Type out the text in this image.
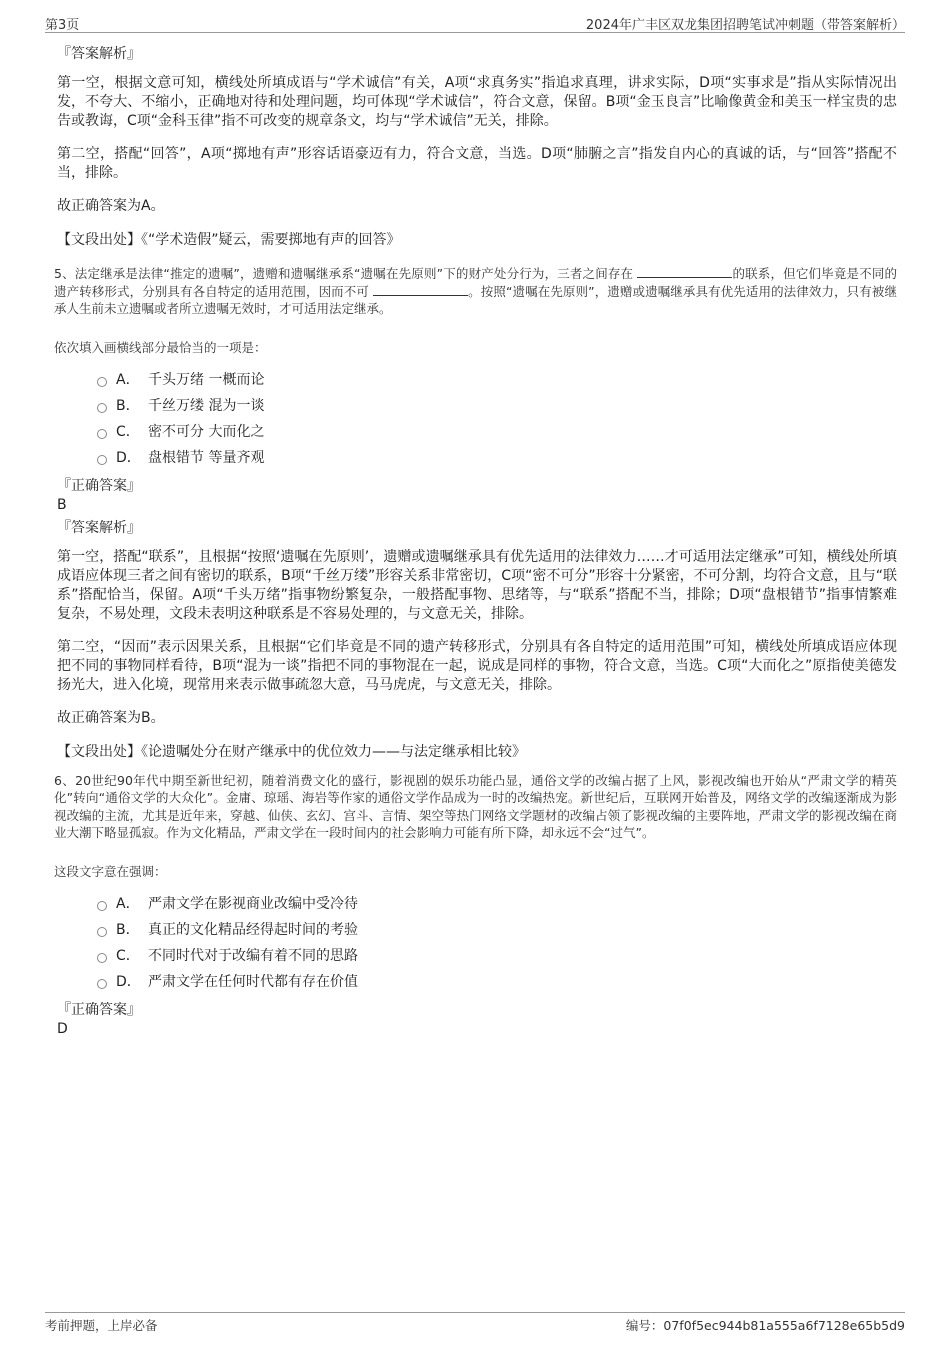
第3页	2024年广丰区双龙集团招聘笔试冲刺题（带答案解析）
『答案解析』

第一空，根据文意可知，横线处所填成语与“学术诚信”有关，A项“求真务实”指追求真理，讲求实际，D项“实事求是”指从实际情况出发，不夸大、不缩小，正确地对待和处理问题，均可体现“学术诚信”，符合文意，保留。B项“金玉良言”比喻像黄金和美玉一样宝贵的忠告或教诲，C项“金科玉律”指不可改变的规章条文，均与“学术诚信”无关，排除。

第二空，搭配“回答”，A项“掷地有声”形容话语豪迈有力，符合文意，当选。D项“肺腑之言”指发自内心的真诚的话，与“回答”搭配不当，排除。

故正确答案为A。

【文段出处】《“学术造假”疑云，需要掷地有声的回答》
5、法定继承是法律“推定的遗嘱”，遗赠和遗嘱继承系“遗嘱在先原则”下的财产处分行为，三者之间存在	的联系，但它们毕竟是不同的遗产转移形式，分别具有各自特定的适用范围，因而不可	。按照“遗嘱在先原则”，遗赠或遗嘱继承具有优先适用的法律效力，只有被继承人生前未立遗嘱或者所立遗嘱无效时，才可适用法定继承。
依次填入画横线部分最恰当的一项是：
A． 千头万绪 一概而论
B． 千丝万缕 混为一谈
C． 密不可分 大而化之
D． 盘根错节 等量齐观
『正确答案』
B
『答案解析』

第一空，搭配“联系”，且根据“按照‘遗嘱在先原则’，遗赠或遗嘱继承具有优先适用的法律效力……才可适用法定继承”可知，横线处所填成语应体现三者之间有密切的联系，B项“千丝万缕”形容关系非常密切，C项“密不可分”形容十分紧密，不可分割，均符合文意，且与“联系”搭配恰当，保留。A项“千头万绪”指事物纷繁复杂，一般搭配事物、思绪等，与“联系”搭配不当，排除；D项“盘根错节”指事情繁难复杂，不易处理，文段未表明这种联系是不容易处理的，与文意无关，排除。

第二空，“因而”表示因果关系，且根据“它们毕竟是不同的遗产转移形式，分别具有各自特定的适用范围”可知，横线处所填成语应体现把不同的事物同样看待，B项“混为一谈”指把不同的事物混在一起，说成是同样的事物，符合文意，当选。C项“大而化之”原指使美德发扬光大，进入化境，现常用来表示做事疏忽大意，马马虎虎，与文意无关，排除。

故正确答案为B。

【文段出处】《论遗嘱处分在财产继承中的优位效力——与法定继承相比较》
6、20世纪90年代中期至新世纪初，随着消费文化的盛行，影视剧的娱乐功能凸显，通俗文学的改编占据了上风，影视改编也开始从“严肃文学的精英化”转向“通俗文学的大众化”。金庸、琼瑶、海岩等作家的通俗文学作品成为一时的改编热宠。新世纪后，互联网开始普及，网络文学的改编逐渐成为影视改编的主流，尤其是近年来，穿越、仙侠、玄幻、宫斗、言情、架空等热门网络文学题材的改编占领了影视改编的主要阵地，严肃文学的影视改编在商业大潮下略显孤寂。作为文化精品，严肃文学在一段时间内的社会影响力可能有所下降，却永远不会“过气”。
这段文字意在强调：
A． 严肃文学在影视商业改编中受冷待
B． 真正的文化精品经得起时间的考验
C． 不同时代对于改编有着不同的思路
D． 严肃文学在任何时代都有存在价值
『正确答案』
D
考前押题，上岸必备	编号：07f0f5ec944b81a555a6f7128e65b5d9
